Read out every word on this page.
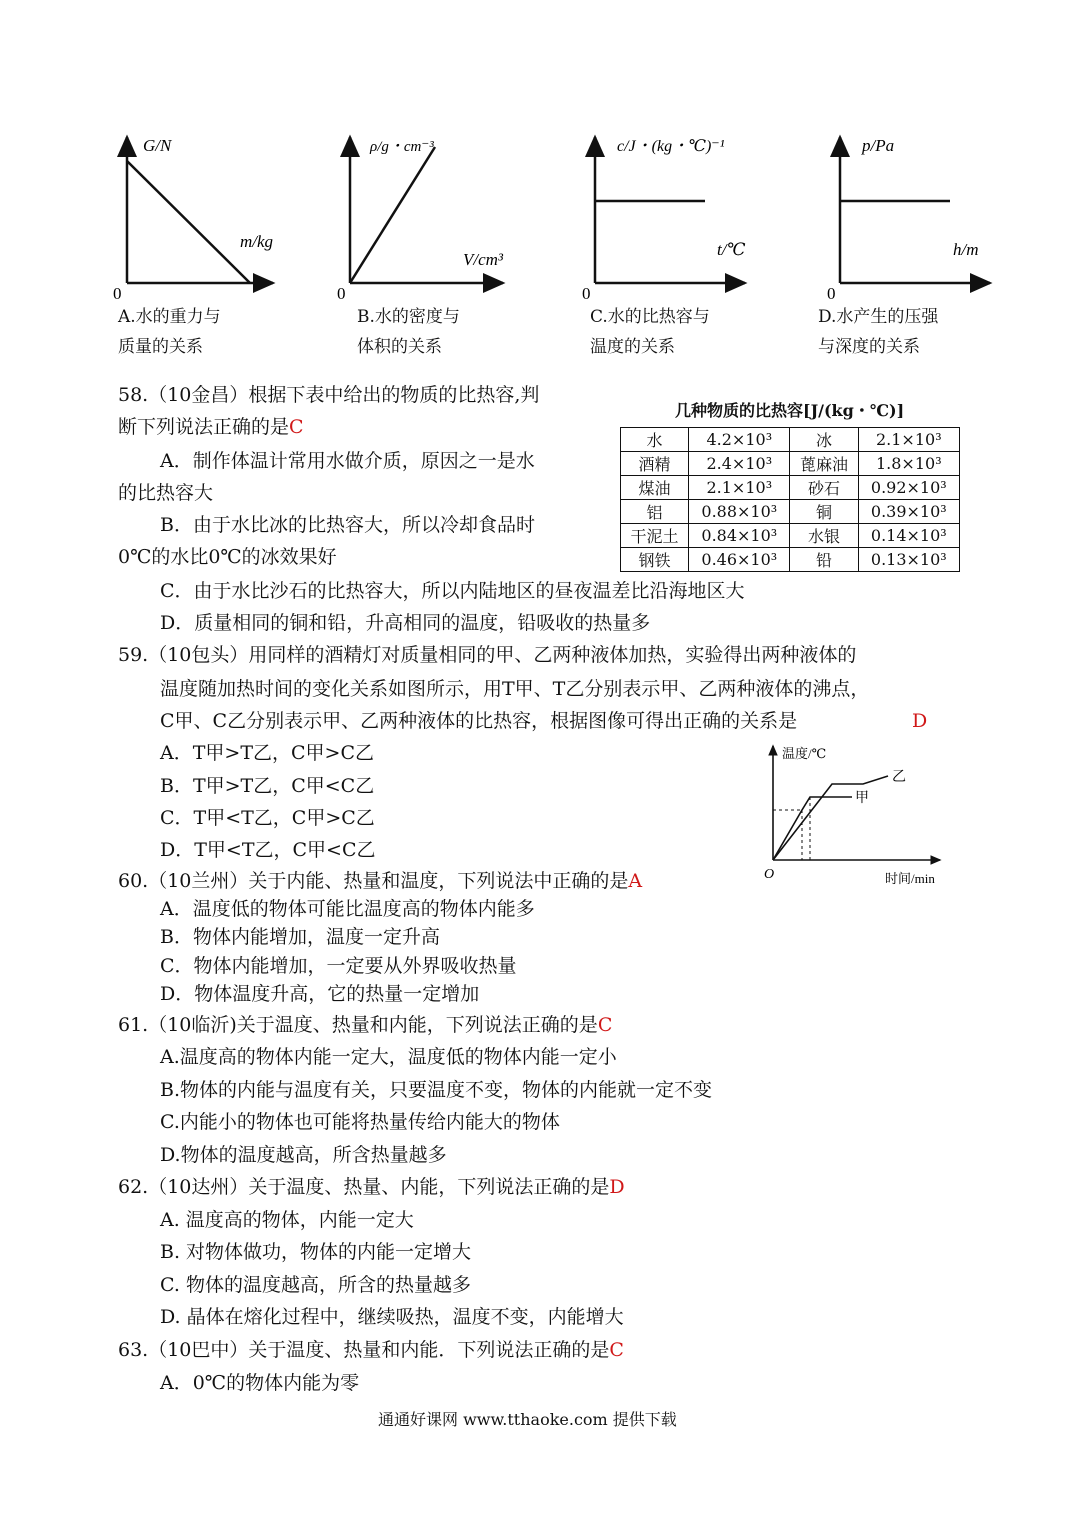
G/N
m/kg
0
ρ/g・cm⁻³
V/cm³
0
c/J・(kg・℃)⁻¹
t/℃
0
p/Pa
h/m
0
A.水的重力与
质量的关系
B.水的密度与
体积的关系
C.水的比热容与
温度的关系
D.水产生的压强
与深度的关系
58.（10金昌）根据下表中给出的物质的比热容,判
断下列说法正确的是C
A．制作体温计常用水做介质，原因之一是水
的比热容大
B．由于水比冰的比热容大，所以冷却食品时
0℃的水比0℃的冰效果好
C．由于水比沙石的比热容大，所以内陆地区的昼夜温差比沿海地区大
D．质量相同的铜和铅，升高相同的温度，铅吸收的热量多
几种物质的比热容[J/(kg・℃)]
水	4.2×10³	冰	2.1×10³
酒精	2.4×10³	蓖麻油	1.8×10³
煤油	2.1×10³	砂石	0.92×10³
铝	0.88×10³	铜	0.39×10³
干泥土	0.84×10³	水银	0.14×10³
钢铁	0.46×10³	铅	0.13×10³
59.（10包头）用同样的酒精灯对质量相同的甲、乙两种液体加热，实验得出两种液体的
温度随加热时间的变化关系如图所示，用T甲、T乙分别表示甲、乙两种液体的沸点，
C甲、C乙分别表示甲、乙两种液体的比热容，根据图像可得出正确的关系是	D
A．T甲>T乙，C甲>C乙
B．T甲>T乙，C甲<C乙
C．T甲<T乙，C甲>C乙
D．T甲<T乙，C甲<C乙
温度/℃
时间/min
O
乙
甲
60.（10兰州）关于内能、热量和温度，下列说法中正确的是A
A．温度低的物体可能比温度高的物体内能多
B．物体内能增加，温度一定升高
C．物体内能增加，一定要从外界吸收热量
D．物体温度升高，它的热量一定增加
61.（10临沂)关于温度、热量和内能，下列说法正确的是C
A.温度高的物体内能一定大，温度低的物体内能一定小
B.物体的内能与温度有关，只要温度不变，物体的内能就一定不变
C.内能小的物体也可能将热量传给内能大的物体
D.物体的温度越高，所含热量越多
62.（10达州）关于温度、热量、内能，下列说法正确的是D
A. 温度高的物体，内能一定大
B. 对物体做功，物体的内能一定增大
C. 物体的温度越高，所含的热量越多
D. 晶体在熔化过程中，继续吸热，温度不变，内能增大
63.（10巴中）关于温度、热量和内能．下列说法正确的是C
A．0℃的物体内能为零
通通好课网 www.tthaoke.com 提供下载
